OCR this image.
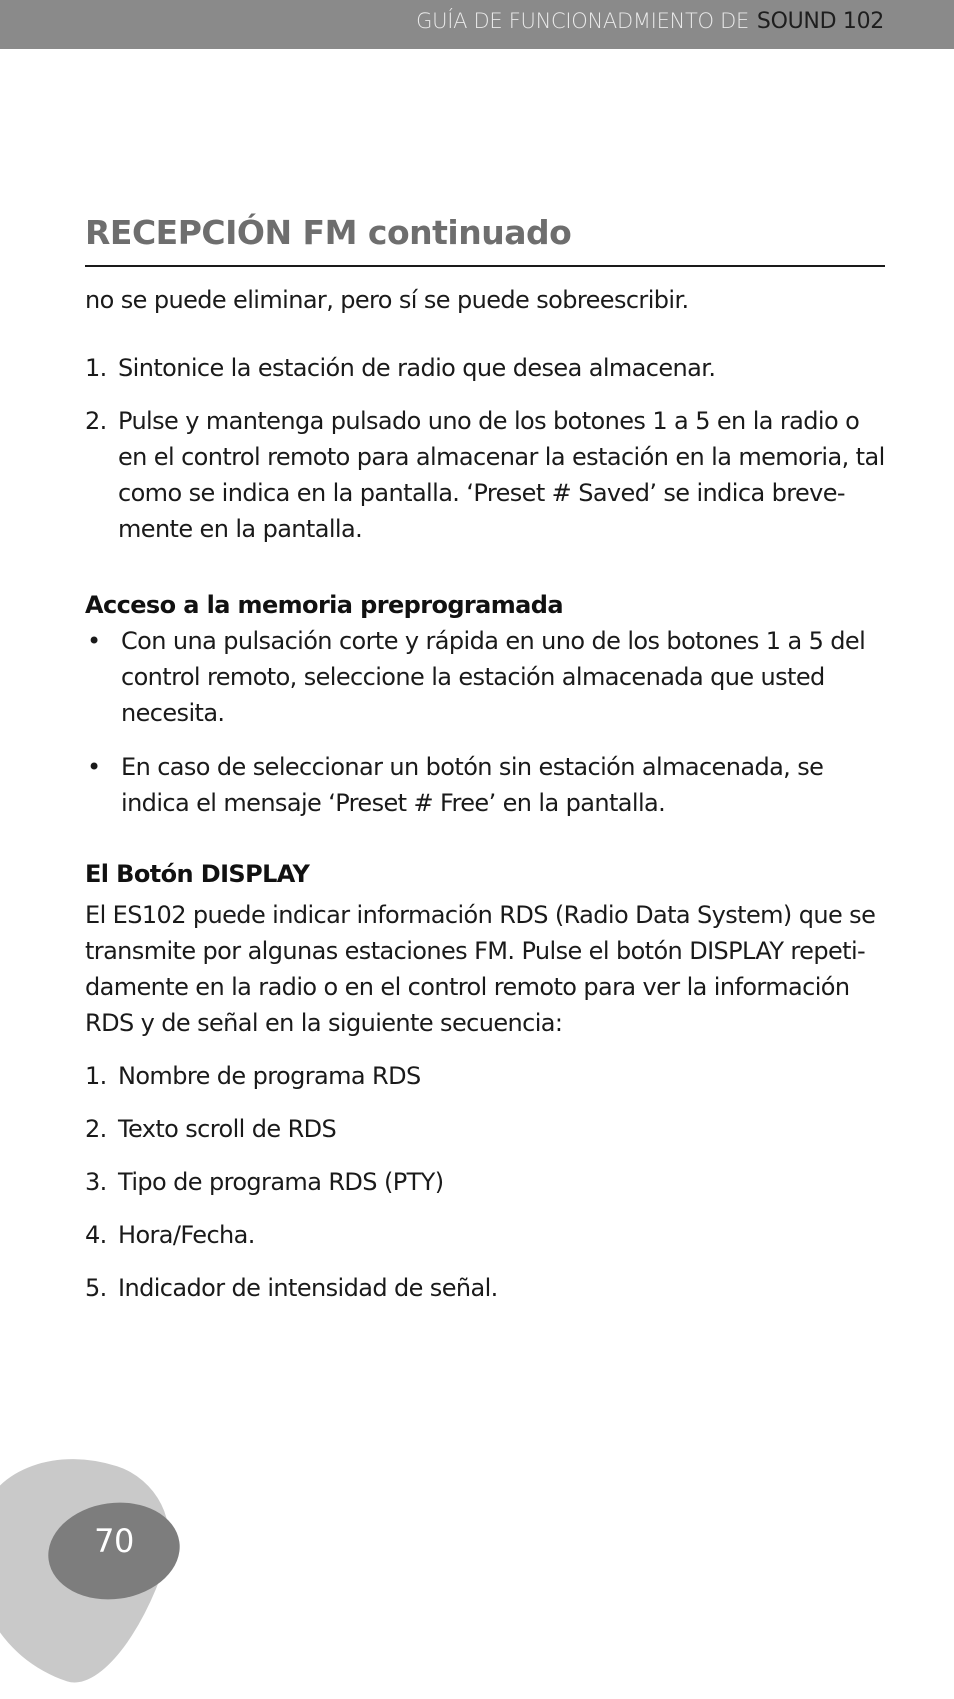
GUÍA DE FUNCIONADMIENTO DE SOUND 102
RECEPCIÓN FM continuado

no se puede eliminar, pero sí se puede sobreescribir.

1. Sintonice la estación de radio que desea almacenar.
2. Pulse y mantenga pulsado uno de los botones 1 a 5 en la radio o en el control remoto para almacenar la estación en la memoria, tal como se indica en la pantalla. ‘Preset # Saved’ se indica breve-mente en la pantalla.
Acceso a la memoria preprogramada
• Con una pulsación corte y rápida en uno de los botones 1 a 5 del control remoto, seleccione la estación almacenada que usted necesita.
• En caso de seleccionar un botón sin estación almacenada, se indica el mensaje ‘Preset # Free’ en la pantalla.
El Botón DISPLAY

El ES102 puede indicar información RDS (Radio Data System) que se transmite por algunas estaciones FM. Pulse el botón DISPLAY repeti-damente en la radio o en el control remoto para ver la información RDS y de señal en la siguiente secuencia:

1. Nombre de programa RDS
2. Texto scroll de RDS
3. Tipo de programa RDS (PTY)
4. Hora/Fecha.
5. Indicador de intensidad de señal.
70
